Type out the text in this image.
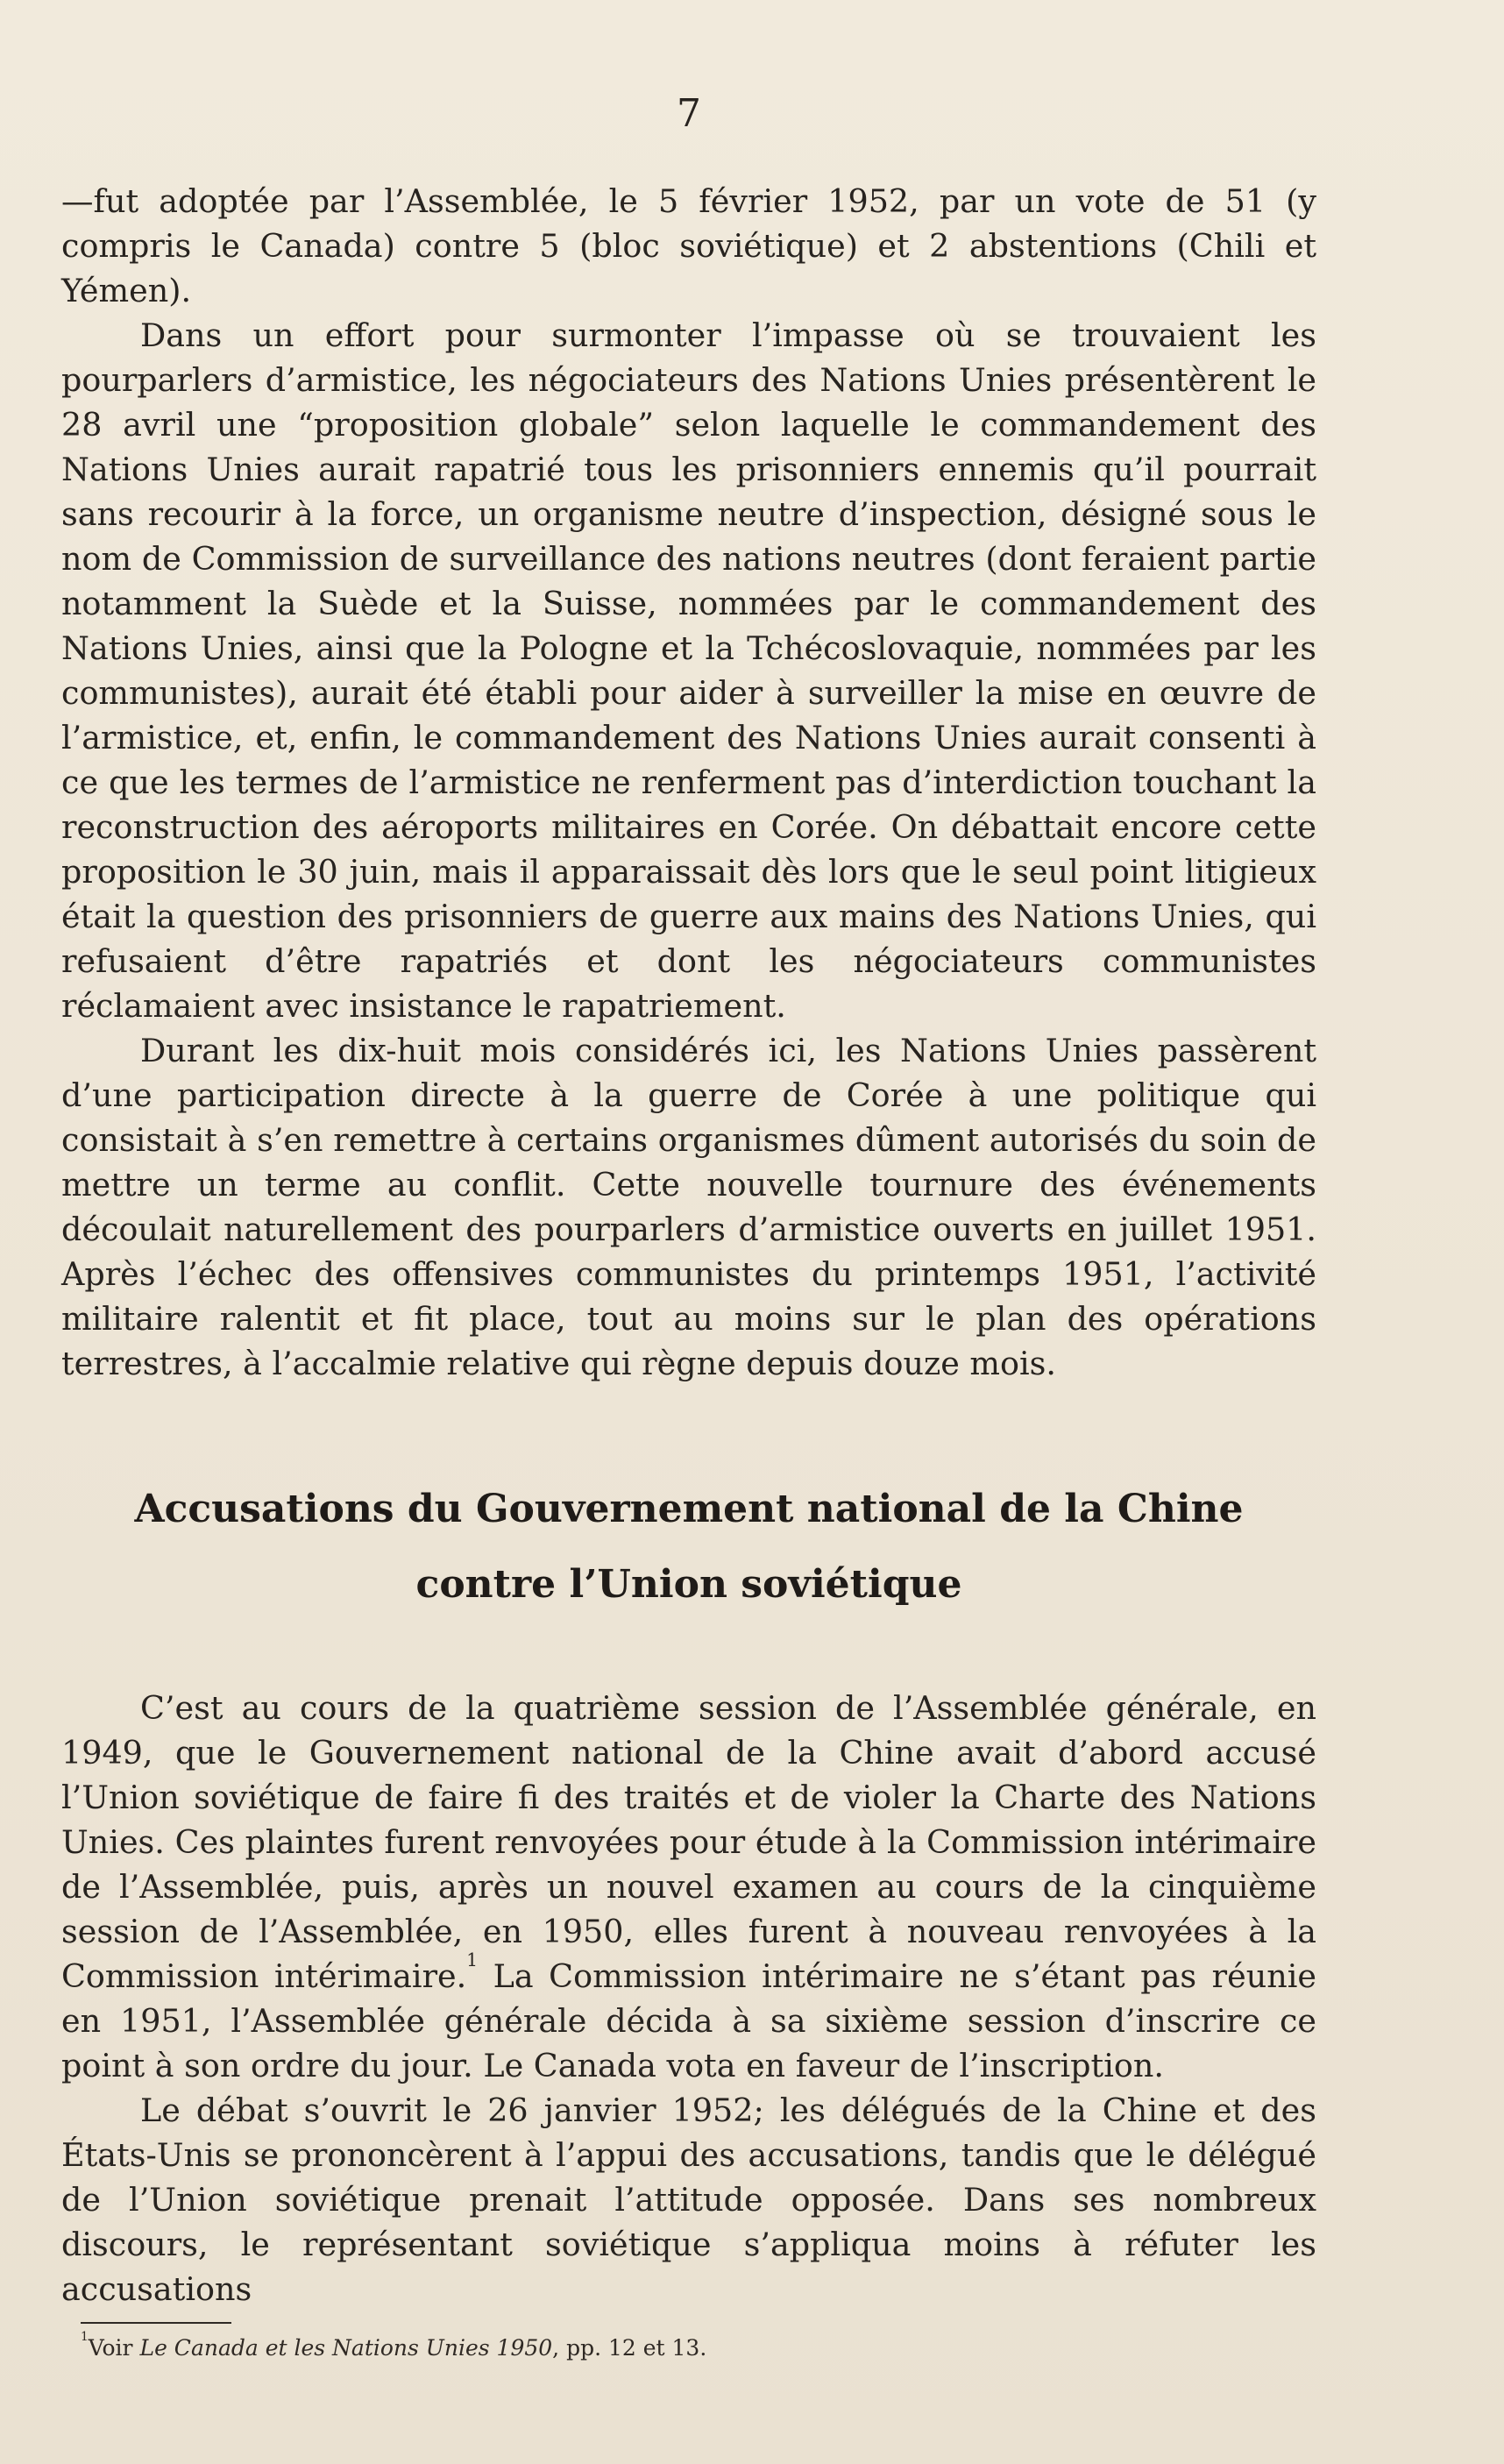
7

—fut adoptée par l’Assemblée, le 5 février 1952, par un vote de 51 (y compris le Canada) contre 5 (bloc soviétique) et 2 abstentions (Chili et Yémen).

Dans un effort pour surmonter l’impasse où se trouvaient les pourparlers d’armistice, les négociateurs des Nations Unies présentèrent le 28 avril une “proposition globale” selon laquelle le commandement des Nations Unies aurait rapatrié tous les prisonniers ennemis qu’il pourrait sans recourir à la force, un organisme neutre d’inspection, désigné sous le nom de Commission de surveillance des nations neutres (dont feraient partie notamment la Suède et la Suisse, nommées par le commandement des Nations Unies, ainsi que la Pologne et la Tchécoslovaquie, nommées par les communistes), aurait été établi pour aider à surveiller la mise en œuvre de l’armistice, et, enfin, le commandement des Nations Unies aurait consenti à ce que les termes de l’armistice ne renferment pas d’interdiction touchant la reconstruction des aéroports militaires en Corée. On débattait encore cette proposition le 30 juin, mais il apparaissait dès lors que le seul point litigieux était la question des prisonniers de guerre aux mains des Nations Unies, qui refusaient d’être rapatriés et dont les négociateurs communistes réclamaient avec insistance le rapatriement.

Durant les dix-huit mois considérés ici, les Nations Unies passèrent d’une participation directe à la guerre de Corée à une politique qui consistait à s’en remettre à certains organismes dûment autorisés du soin de mettre un terme au conflit. Cette nouvelle tournure des événements découlait naturellement des pourparlers d’armistice ouverts en juillet 1951. Après l’échec des offensives communistes du printemps 1951, l’activité militaire ralentit et fit place, tout au moins sur le plan des opérations terrestres, à l’accalmie relative qui règne depuis douze mois.

Accusations du Gouvernement national de la Chine
contre l’Union soviétique

C’est au cours de la quatrième session de l’Assemblée générale, en 1949, que le Gouvernement national de la Chine avait d’abord accusé l’Union soviétique de faire fi des traités et de violer la Charte des Nations Unies. Ces plaintes furent renvoyées pour étude à la Commission intérimaire de l’Assemblée, puis, après un nouvel examen au cours de la cinquième session de l’Assemblée, en 1950, elles furent à nouveau renvoyées à la Commission intérimaire.$^1$ La Commission intérimaire ne s’étant pas réunie en 1951, l’Assemblée générale décida à sa sixième session d’inscrire ce point à son ordre du jour. Le Canada vota en faveur de l’inscription.

Le débat s’ouvrit le 26 janvier 1952; les délégués de la Chine et des États-Unis se prononcèrent à l’appui des accusations, tandis que le délégué de l’Union soviétique prenait l’attitude opposée. Dans ses nombreux discours, le représentant soviétique s’appliqua moins à réfuter les accusations

$^1$Voir Le Canada et les Nations Unies 1950, pp. 12 et 13.
